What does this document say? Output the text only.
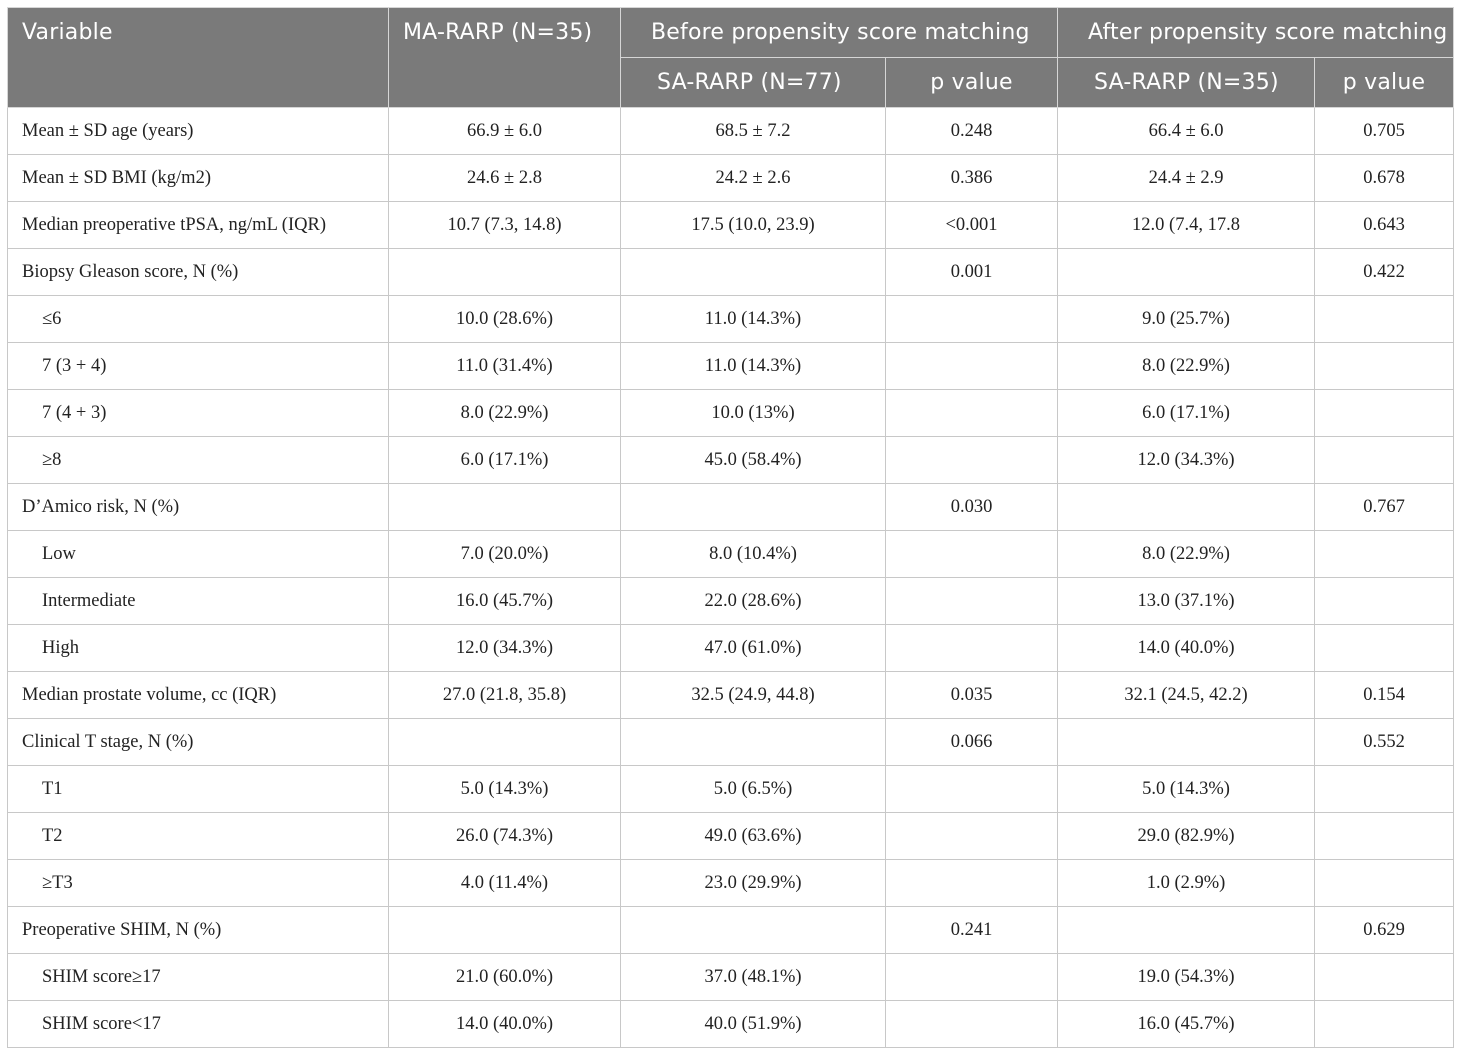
Variable	MA-RARP (N=35)	Before propensity score matching		After propensity score matching	
		SA-RARP (N=77)	p value	SA-RARP (N=35)	p value
Mean ± SD age (years)	66.9 ± 6.0	68.5 ± 7.2	0.248	66.4 ± 6.0	0.705
Mean ± SD BMI (kg/m2)	24.6 ± 2.8	24.2 ± 2.6	0.386	24.4 ± 2.9	0.678
Median preoperative tPSA, ng/mL (IQR)	10.7 (7.3, 14.8)	17.5 (10.0, 23.9)	<0.001	12.0 (7.4, 17.8	0.643
Biopsy Gleason score, N (%)			0.001		0.422
≤6	10.0 (28.6%)	11.0 (14.3%)		9.0 (25.7%)	
7 (3 + 4)	11.0 (31.4%)	11.0 (14.3%)		8.0 (22.9%)	
7 (4 + 3)	8.0 (22.9%)	10.0 (13%)		6.0 (17.1%)	
≥8	6.0 (17.1%)	45.0 (58.4%)		12.0 (34.3%)	
D’Amico risk, N (%)			0.030		0.767
Low	7.0 (20.0%)	8.0 (10.4%)		8.0 (22.9%)	
Intermediate	16.0 (45.7%)	22.0 (28.6%)		13.0 (37.1%)	
High	12.0 (34.3%)	47.0 (61.0%)		14.0 (40.0%)	
Median prostate volume, cc (IQR)	27.0 (21.8, 35.8)	32.5 (24.9, 44.8)	0.035	32.1 (24.5, 42.2)	0.154
Clinical T stage, N (%)			0.066		0.552
T1	5.0 (14.3%)	5.0 (6.5%)		5.0 (14.3%)	
T2	26.0 (74.3%)	49.0 (63.6%)		29.0 (82.9%)	
≥T3	4.0 (11.4%)	23.0 (29.9%)		1.0 (2.9%)	
Preoperative SHIM, N (%)			0.241		0.629
SHIM score≥17	21.0 (60.0%)	37.0 (48.1%)		19.0 (54.3%)	
SHIM score<17	14.0 (40.0%)	40.0 (51.9%)		16.0 (45.7%)	
